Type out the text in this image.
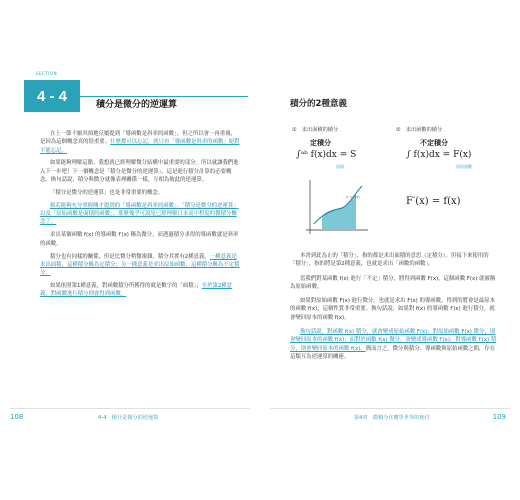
SECTION
4 - 4
積分是微分的逆運算

在上一節不厭其煩地反覆提到「導函數是斜率的函數」，但之所以會一再重複，是因為這個概念真的很重要。什麼都可以忘記，就只有「導函數是斜率的函數」絕對不能忘記。

如果能夠理解這點，我想就已經理解微分結構中最重要的部分。所以就讓我們進入下一步吧！下一個概念是「積分是微分的逆運算」，這是進行積分計算的必要概念。換句話說，積分與微分就像表裡關係一樣，互相為彼此的逆運算。

「積分是微分的逆運算」也是非常重要的概念。

倘若能夠充分掌握剛才提到的「導函數是斜率的函數」、「積分是微分的逆運算」以及「原始函數是面積的函數」，那麼幾乎可說是已經理解日本高中程度的微積分概念了。

求出某個函數 f(x) 的導函數 f′(x) 稱為微分，而透過積分求得的導函數就是斜率的函數。

積分也有同樣的關係，但是比微分稍微複雜。積分其實有2種意義。一種意義是求出面積，這種積分稱為定積分；另一種意義是求出原始函數，這種積分稱為不定積分。

如果依照第1種意義，對函數積分所獲得的就是數字的「面積」；至於第2種意義，對函數進行積分則會得到函數。

108	4-4　積分是微分的逆運算
積分的2種意義
①　求出面積的積分	②　求出函數的積分
定積分	不定積分
∫ᵃᵇ f(x)dx = S
面積
∫ f(x)dx = F(x)
原始函數
y = f(x)	F′(x) = f(x)

本書到此為止的「積分」，指的都是求出面積的意思（定積分）。但接下來使用的「積分」，指的將是第2種意義，也就是求出「函數的函數」。

當我們對某函數 f(x) 進行「不定」積分，將得到函數 F(x)，這個函數 F(x) 就被稱為原始函數。

如果對原始函數 F(x) 進行微分，也就是求出 F(x) 的導函數，得到的將會是最原本的函數 f(x)，這個性質非常重要。換句話說，如果對 f(x) 的導函數 f′(x) 進行積分，就會變回原本的函數 f(x)。

換句話說，對函數 f(x) 積分，就會變成原始函數 F(x)；對原始函數 F(x) 微分，則會變回原本的函數 f(x)；而對於函數 f(x) 微分，會變成導函數 f′(x)，對導函數 f′(x) 積分，則會變回原本的函數 f(x)。簡而言之，微分與積分、導函數與原始函數之間，存在這類互為逆運算的關連。

第4章　微積分在數學世界的地位	109
